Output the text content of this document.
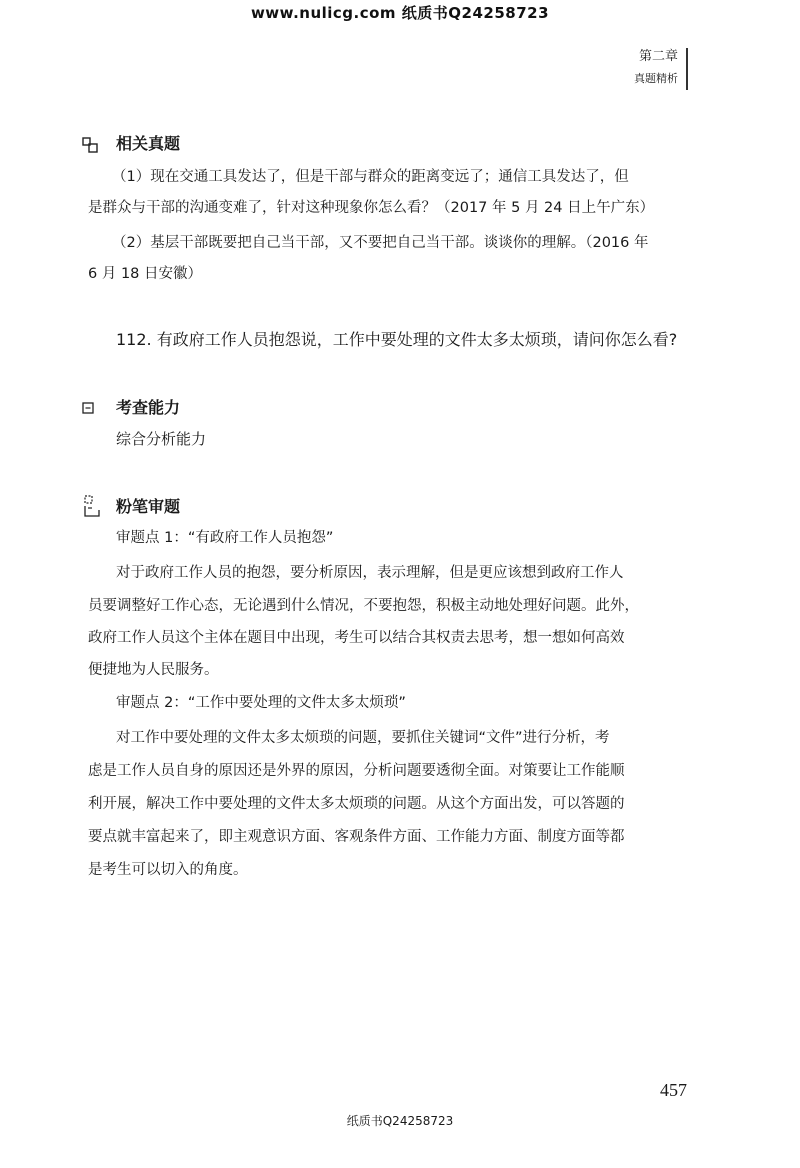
www.nulicg.com 纸质书Q24258723
第二章
真题精析
相关真题
（1）现在交通工具发达了，但是干部与群众的距离变远了；通信工具发达了，但
是群众与干部的沟通变难了，针对这种现象你怎么看？（2017 年 5 月 24 日上午广东）
（2）基层干部既要把自己当干部，又不要把自己当干部。谈谈你的理解。（2016 年
6 月 18 日安徽）
112. 有政府工作人员抱怨说，工作中要处理的文件太多太烦琐，请问你怎么看?
考查能力
综合分析能力
粉笔审题
审题点 1：“有政府工作人员抱怨”
对于政府工作人员的抱怨，要分析原因，表示理解，但是更应该想到政府工作人
员要调整好工作心态，无论遇到什么情况，不要抱怨，积极主动地处理好问题。此外，
政府工作人员这个主体在题目中出现，考生可以结合其权责去思考，想一想如何高效
便捷地为人民服务。
审题点 2：“工作中要处理的文件太多太烦琐”
对工作中要处理的文件太多太烦琐的问题，要抓住关键词“文件”进行分析，考
虑是工作人员自身的原因还是外界的原因，分析问题要透彻全面。对策要让工作能顺
利开展，解决工作中要处理的文件太多太烦琐的问题。从这个方面出发，可以答题的
要点就丰富起来了，即主观意识方面、客观条件方面、工作能力方面、制度方面等都
是考生可以切入的角度。
457
纸质书Q24258723
